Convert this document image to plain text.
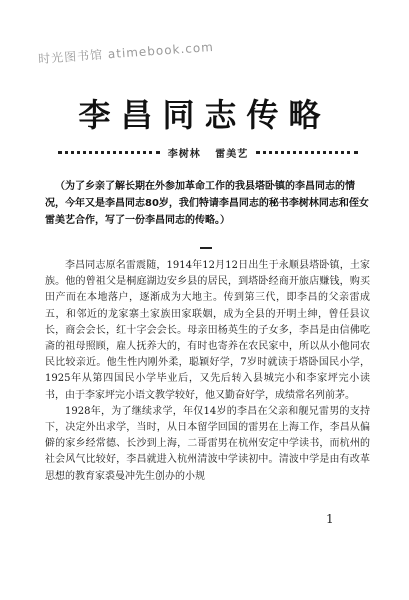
时光图书馆 atimebook.com
李昌同志传略
李树林 雷美艺
（为了乡亲了解长期在外参加革命工作的我县塔卧镇的李昌同志的情况，今年又是李昌同志80岁，我们特请李昌同志的秘书李树林同志和侄女雷美艺合作，写了一份李昌同志的传略。）

李昌同志原名雷震随，1914年12月12日出生于永顺县塔卧镇，土家族。他的曾祖父是桐庭湖边安乡县的居民，到塔卧经商开旅店赚钱，购买田产而在本地落户，逐渐成为大地主。传到第三代，即李昌的父亲雷成五，和邻近的龙家寨土家族田家联姻，成为全县的开明土绅，曾任县议长，商会会长，红十字会会长。母亲田杨英生的子女多，李昌是由信佛吃斋的祖母照顾，雇人抚养大的，有时也寄养在农民家中，所以从小他同农民比较亲近。他生性内刚外柔，聪颖好学，7岁时就读于塔卧国民小学，1925年从第四国民小学毕业后，又先后转入县城完小和李家坪完小读书，由于李家坪完小语文教学较好，他又勤奋好学，成绩常名列前茅。

1928年，为了继续求学，年仅14岁的李昌在父亲和舰兄雷男的支持下，决定外出求学，当时，从日本留学回国的雷男在上海工作，李昌从偏僻的家乡经常德、长沙到上海，二哥雷男在杭州安定中学读书，而杭州的社会风气比较好，李昌就进入杭州清波中学读初中。清波中学是由有改革思想的教育家裘曼冲先生创办的小规

1
